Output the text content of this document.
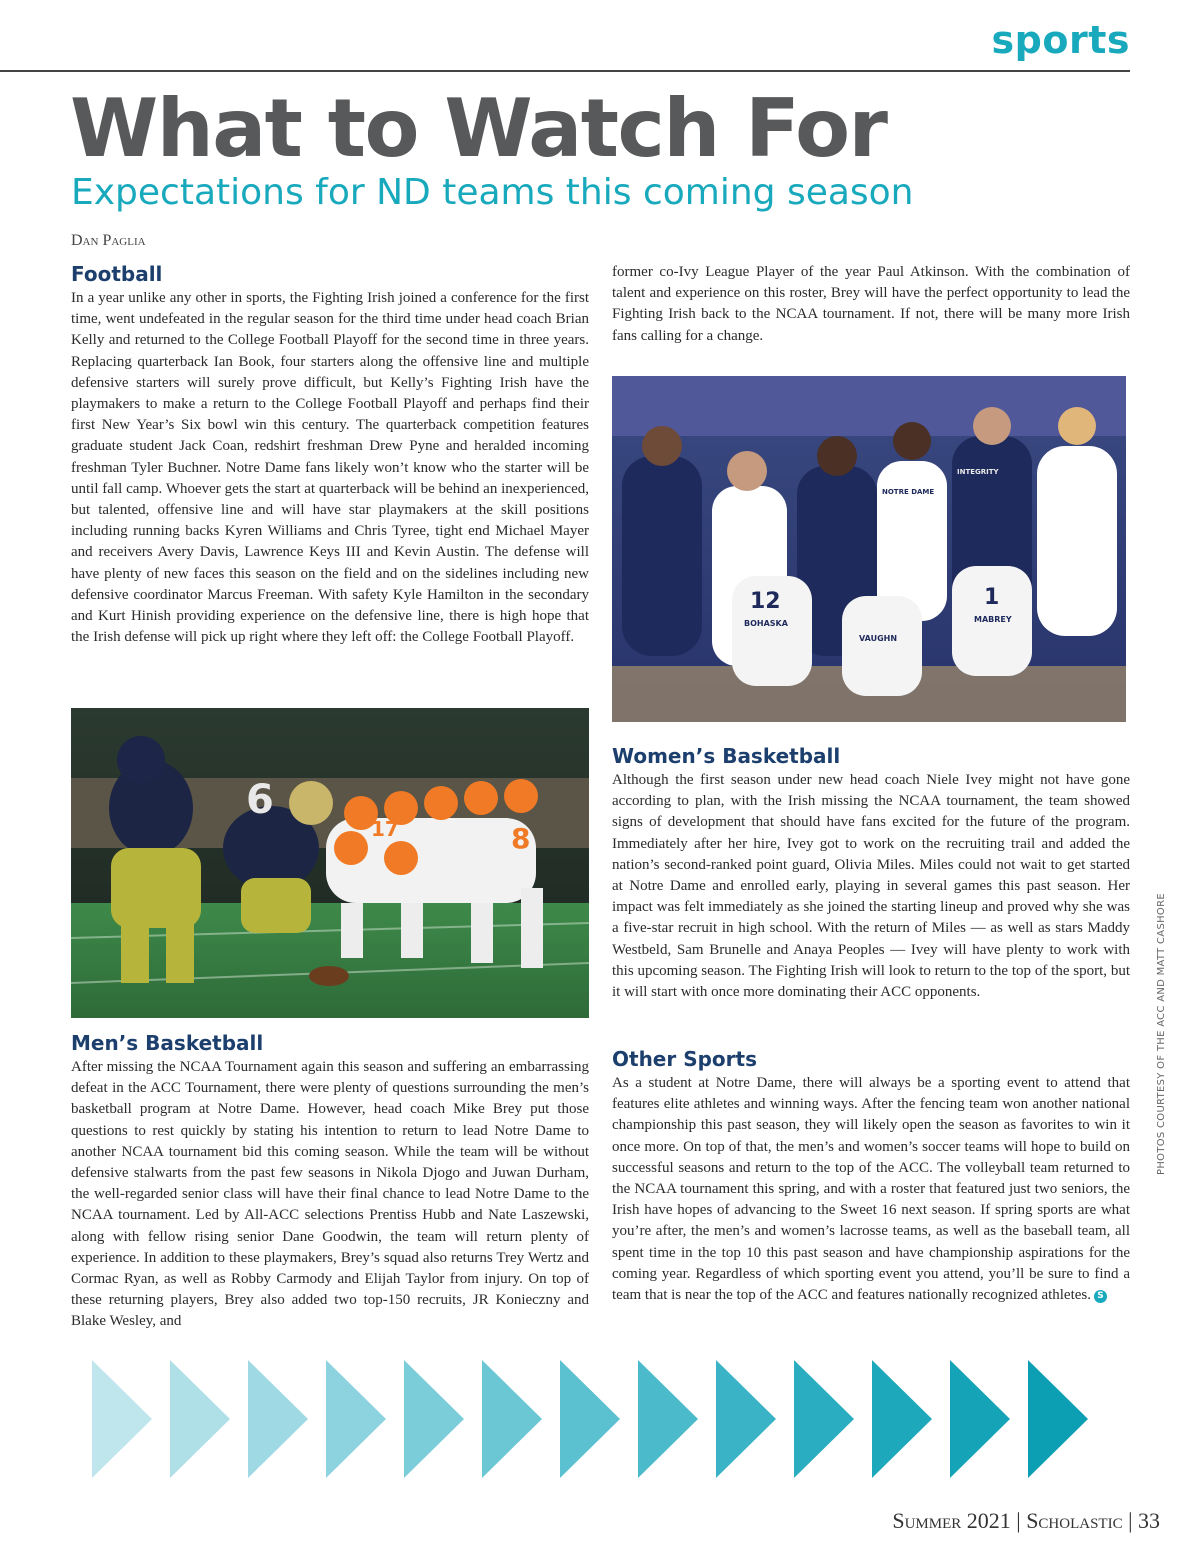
sports
What to Watch For
Expectations for ND teams this coming season
Dan Paglia
Football

In a year unlike any other in sports, the Fighting Irish joined a conference for the first time, went undefeated in the regular season for the third time under head coach Brian Kelly and returned to the College Football Playoff for the second time in three years. Replacing quarterback Ian Book, four starters along the offensive line and multiple defensive starters will surely prove difficult, but Kelly’s Fighting Irish have the playmakers to make a return to the College Football Playoff and perhaps find their first New Year’s Six bowl win this century. The quarterback competition features graduate student Jack Coan, redshirt freshman Drew Pyne and heralded incoming freshman Tyler Buchner. Notre Dame fans likely won’t know who the starter will be until fall camp. Whoever gets the start at quarterback will be behind an inexperienced, but talented, offensive line and will have star playmakers at the skill positions including running backs Kyren Williams and Chris Tyree, tight end Michael Mayer and receivers Avery Davis, Lawrence Keys III and Kevin Austin. The defense will have plenty of new faces this season on the field and on the sidelines including new defensive coordinator Marcus Freeman. With safety Kyle Hamilton in the secondary and Kurt Hinish providing experience on the defensive line, there is high hope that the Irish defense will pick up right where they left off: the College Football Playoff.

6
17	8
Men’s Basketball

After missing the NCAA Tournament again this season and suffering an embarrassing defeat in the ACC Tournament, there were plenty of questions surrounding the men’s basketball program at Notre Dame. However, head coach Mike Brey put those questions to rest quickly by stating his intention to return to lead Notre Dame to another NCAA tournament bid this coming season. While the team will be without defensive stalwarts from the past few seasons in Nikola Djogo and Juwan Durham, the well-regarded senior class will have their final chance to lead Notre Dame to the NCAA tournament. Led by All-ACC selections Prentiss Hubb and Nate Laszewski, along with fellow rising senior Dane Goodwin, the team will return plenty of experience. In addition to these playmakers, Brey’s squad also returns Trey Wertz and Cormac Ryan, as well as Robby Carmody and Elijah Taylor from injury. On top of these returning players, Brey also added two top-150 recruits, JR Konieczny and Blake Wesley, and

former co-Ivy League Player of the year Paul Atkinson. With the combination of talent and experience on this roster, Brey will have the perfect opportunity to lead the Fighting Irish back to the NCAA tournament. If not, there will be many more Irish fans calling for a change.

12
BOHASKA
VAUGHN
1
MABREY
INTEGRITY
NOTRE DAME
Women’s Basketball

Although the first season under new head coach Niele Ivey might not have gone according to plan, with the Irish missing the NCAA tournament, the team showed signs of development that should have fans excited for the future of the program. Immediately after her hire, Ivey got to work on the recruiting trail and added the nation’s second-ranked point guard, Olivia Miles. Miles could not wait to get started at Notre Dame and enrolled early, playing in several games this past season. Her impact was felt immediately as she joined the starting lineup and proved why she was a five-star recruit in high school. With the return of Miles — as well as stars Maddy Westbeld, Sam Brunelle and Anaya Peoples — Ivey will have plenty to work with this upcoming season. The Fighting Irish will look to return to the top of the sport, but it will start with once more dominating their ACC opponents.

Other Sports

As a student at Notre Dame, there will always be a sporting event to attend that features elite athletes and winning ways. After the fencing team won another national championship this past season, they will likely open the season as favorites to win it once more. On top of that, the men’s and women’s soccer teams will hope to build on successful seasons and return to the top of the ACC. The volleyball team returned to the NCAA tournament this spring, and with a roster that featured just two seniors, the Irish have hopes of advancing to the Sweet 16 next season. If spring sports are what you’re after, the men’s and women’s lacrosse teams, as well as the baseball team, all spent time in the top 10 this past season and have championship aspirations for the coming year. Regardless of which sporting event you attend, you’ll be sure to find a team that is near the top of the ACC and features nationally recognized athletes. S

PHOTOS COURTESY OF THE ACC AND MATT CASHORE
Summer 2021 | Scholastic | 33
